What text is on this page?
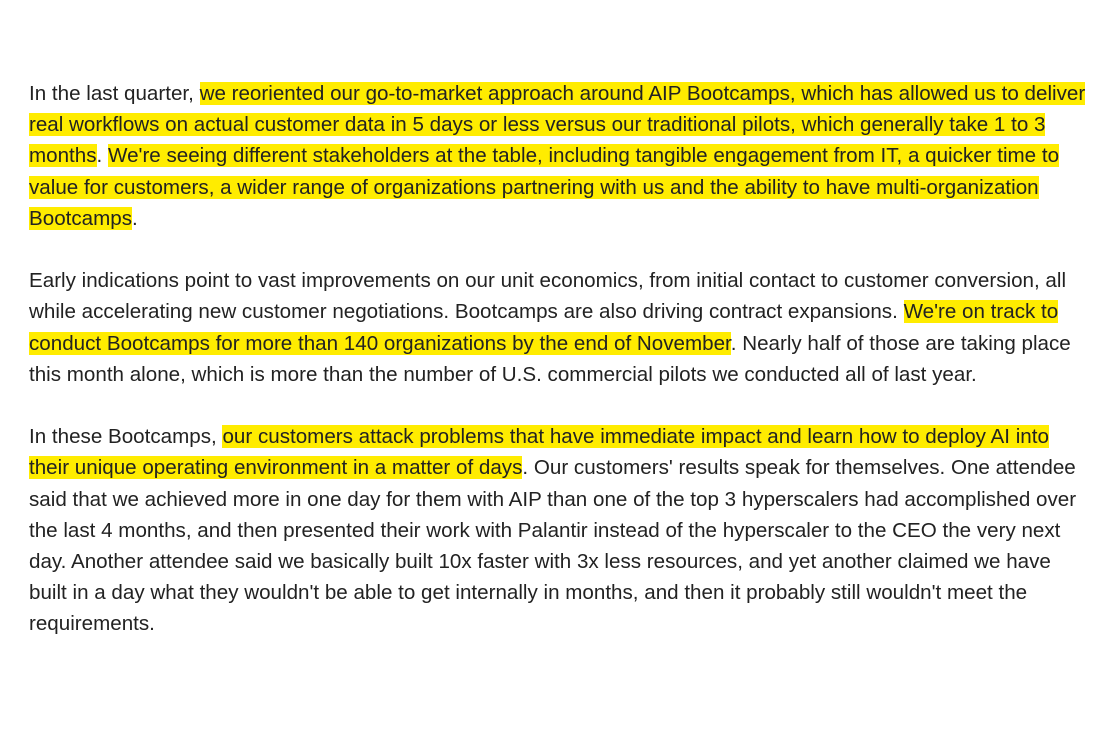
In the last quarter, we reoriented our go-to-market approach around AIP Bootcamps, which has allowed us to deliver real workflows on actual customer data in 5 days or less versus our traditional pilots, which generally take 1 to 3 months. We're seeing different stakeholders at the table, including tangible engagement from IT, a quicker time to value for customers, a wider range of organizations partnering with us and the ability to have multi-organization Bootcamps.

Early indications point to vast improvements on our unit economics, from initial contact to customer conversion, all while accelerating new customer negotiations. Bootcamps are also driving contract expansions. We're on track to conduct Bootcamps for more than 140 organizations by the end of November. Nearly half of those are taking place this month alone, which is more than the number of U.S. commercial pilots we conducted all of last year.

In these Bootcamps, our customers attack problems that have immediate impact and learn how to deploy AI into their unique operating environment in a matter of days. Our customers' results speak for themselves. One attendee said that we achieved more in one day for them with AIP than one of the top 3 hyperscalers had accomplished over the last 4 months, and then presented their work with Palantir instead of the hyperscaler to the CEO the very next day. Another attendee said we basically built 10x faster with 3x less resources, and yet another claimed we have built in a day what they wouldn't be able to get internally in months, and then it probably still wouldn't meet the requirements.
